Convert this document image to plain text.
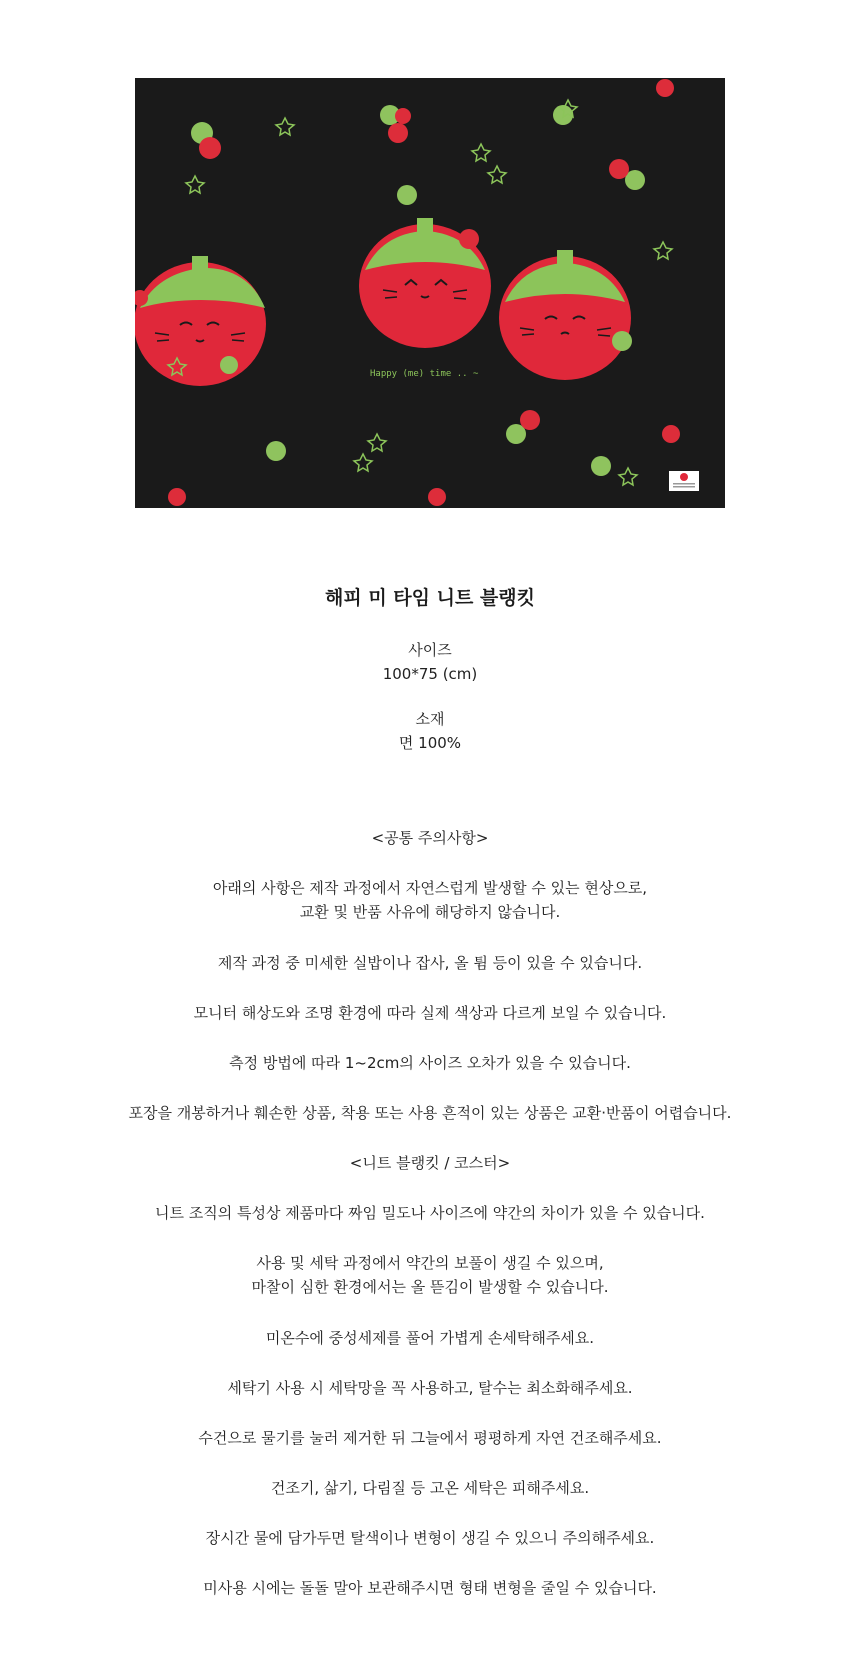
Happy (me) time .. ~
해피 미 타임 니트 블랭킷
사이즈
100*75 (cm)
소재
면 100%
<공통 주의사항>
아래의 사항은 제작 과정에서 자연스럽게 발생할 수 있는 현상으로,
교환 및 반품 사유에 해당하지 않습니다.
제작 과정 중 미세한 실밥이나 잡사, 올 튐 등이 있을 수 있습니다.
모니터 해상도와 조명 환경에 따라 실제 색상과 다르게 보일 수 있습니다.
측정 방법에 따라 1~2cm의 사이즈 오차가 있을 수 있습니다.
포장을 개봉하거나 훼손한 상품, 착용 또는 사용 흔적이 있는 상품은 교환·반품이 어렵습니다.
<니트 블랭킷 / 코스터>
니트 조직의 특성상 제품마다 짜임 밀도나 사이즈에 약간의 차이가 있을 수 있습니다.
사용 및 세탁 과정에서 약간의 보풀이 생길 수 있으며,
마찰이 심한 환경에서는 올 뜯김이 발생할 수 있습니다.
미온수에 중성세제를 풀어 가볍게 손세탁해주세요.
세탁기 사용 시 세탁망을 꼭 사용하고, 탈수는 최소화해주세요.
수건으로 물기를 눌러 제거한 뒤 그늘에서 평평하게 자연 건조해주세요.
건조기, 삶기, 다림질 등 고온 세탁은 피해주세요.
장시간 물에 담가두면 탈색이나 변형이 생길 수 있으니 주의해주세요.
미사용 시에는 돌돌 말아 보관해주시면 형태 변형을 줄일 수 있습니다.
